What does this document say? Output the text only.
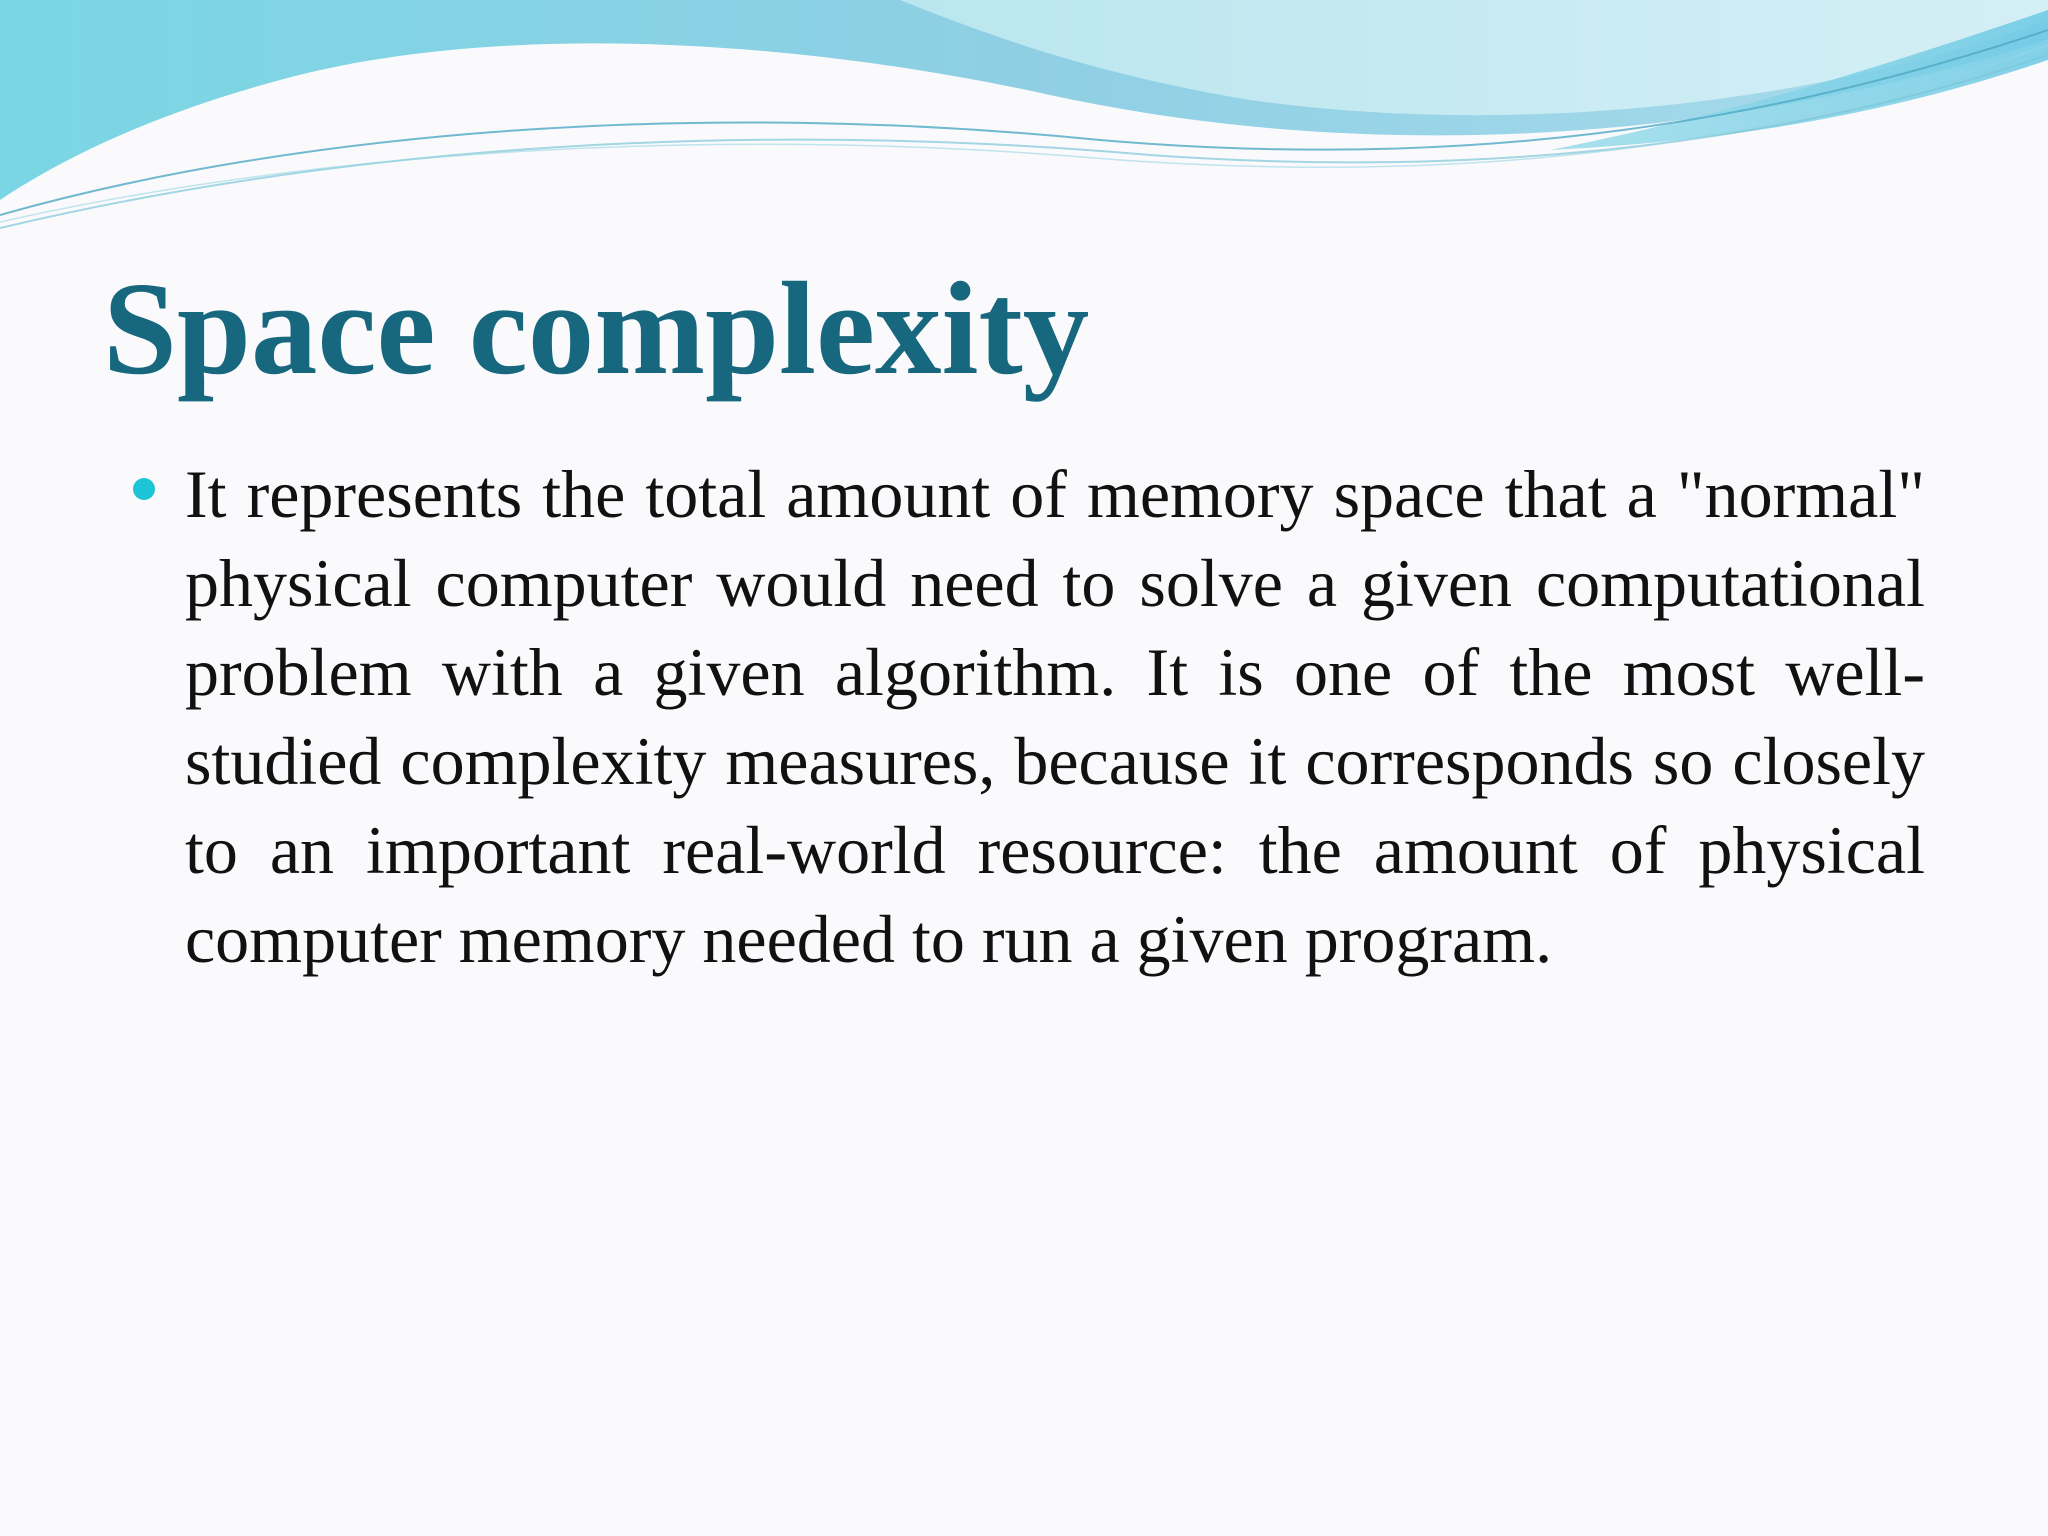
Space complexity
It represents the total amount of memory space that a "normal" physical computer would need to solve a given computational problem with a given algorithm. It is one of the most well-studied complexity measures, because it corresponds so closely to an important real-world resource: the amount of physical computer memory needed to run a given program.
